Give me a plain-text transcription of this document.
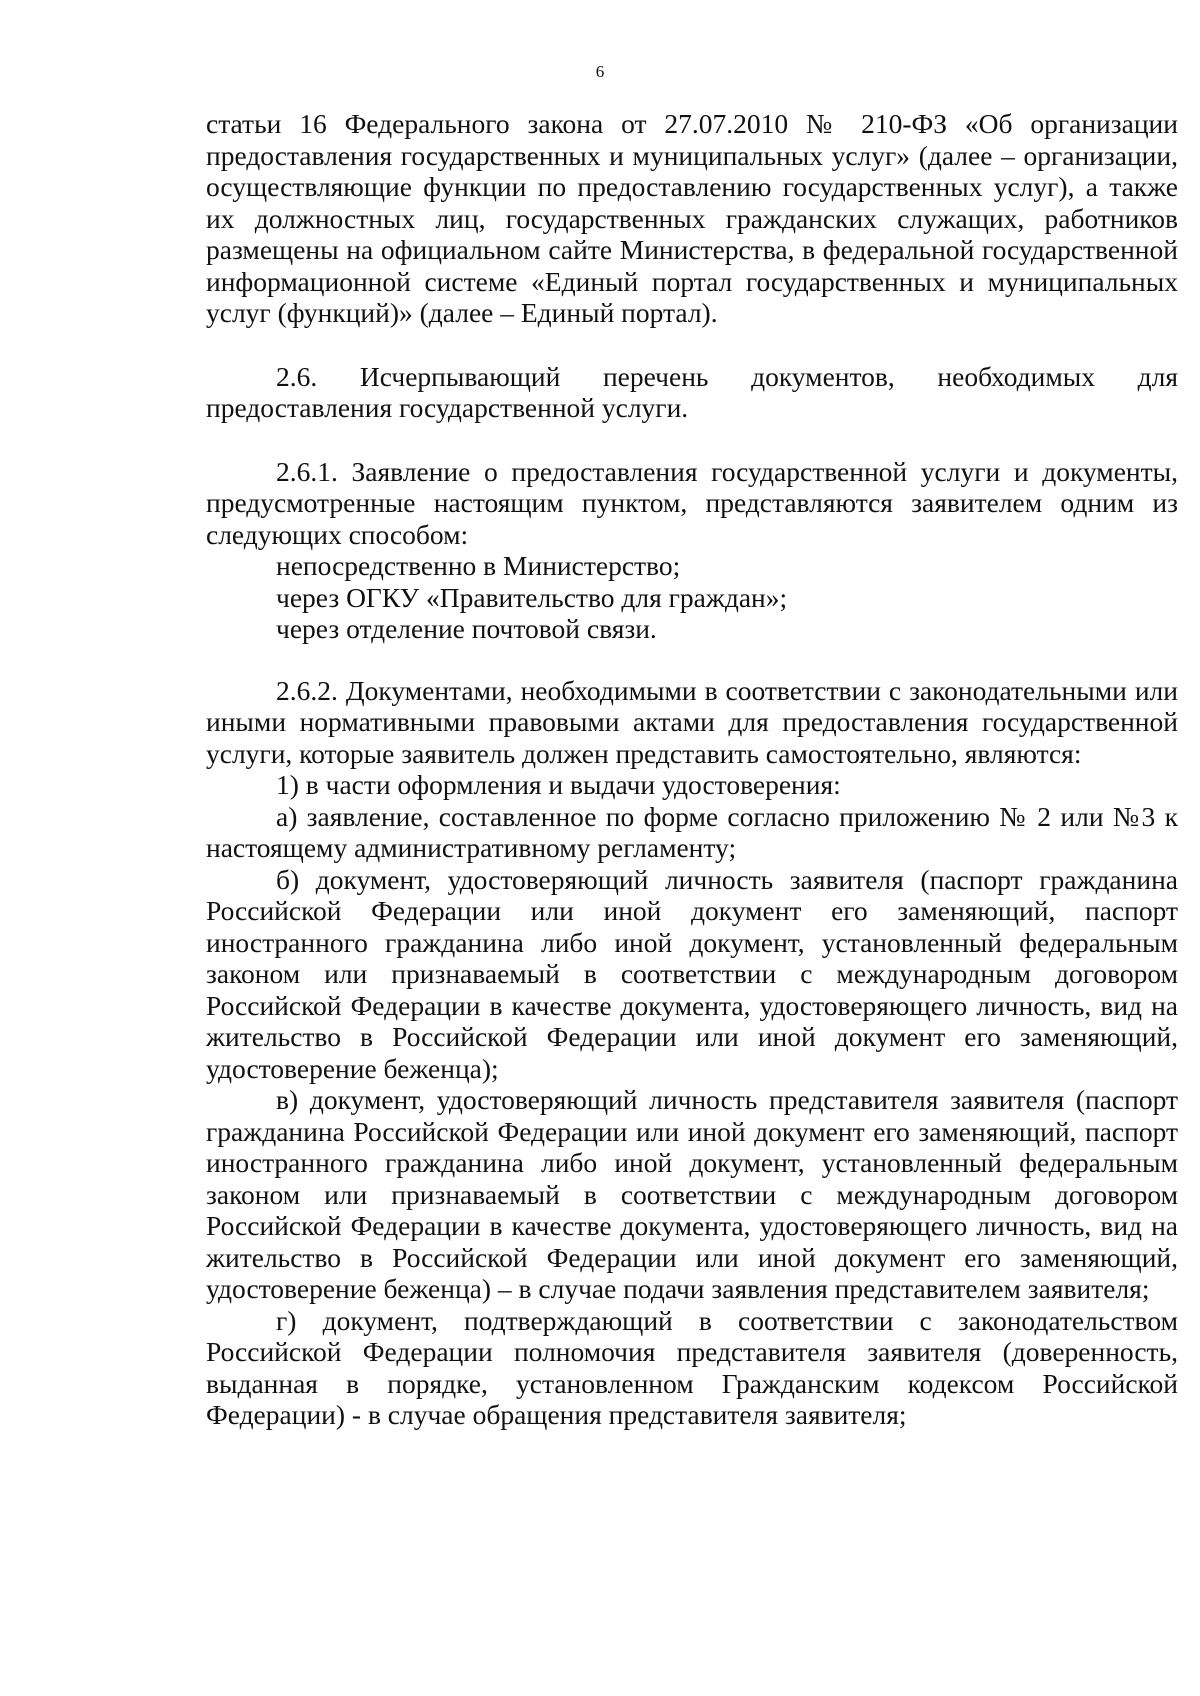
6

статьи 16 Федерального закона от 27.07.2010 № 210-ФЗ «Об организации предоставления государственных и муниципальных услуг» (далее – организации, осуществляющие функции по предоставлению государственных услуг), а также их должностных лиц, государственных гражданских служащих, работников размещены на официальном сайте Министерства, в федеральной государственной информационной системе «Единый портал государственных и муниципальных услуг (функций)» (далее – Единый портал).

2.6. Исчерпывающий перечень документов, необходимых для предоставления государственной услуги.

2.6.1. Заявление о предоставления государственной услуги и документы, предусмотренные настоящим пунктом, представляются заявителем одним из следующих способом:

непосредственно в Министерство;

через ОГКУ «Правительство для граждан»;

через отделение почтовой связи.

2.6.2. Документами, необходимыми в соответствии с законодательными или иными нормативными правовыми актами для предоставления государственной услуги, которые заявитель должен представить самостоятельно, являются:

1) в части оформления и выдачи удостоверения:

а) заявление, составленное по форме согласно приложению № 2 или №3 к настоящему административному регламенту;

б) документ, удостоверяющий личность заявителя (паспорт гражданина Российской Федерации или иной документ его заменяющий, паспорт иностранного гражданина либо иной документ, установленный федеральным законом или признаваемый в соответствии с международным договором Российской Федерации в качестве документа, удостоверяющего личность, вид на жительство в Российской Федерации или иной документ его заменяющий, удостоверение беженца);

в) документ, удостоверяющий личность представителя заявителя (паспорт гражданина Российской Федерации или иной документ его заменяющий, паспорт иностранного гражданина либо иной документ, установленный федеральным законом или признаваемый в соответствии с международным договором Российской Федерации в качестве документа, удостоверяющего личность, вид на жительство в Российской Федерации или иной документ его заменяющий, удостоверение беженца) – в случае подачи заявления представителем заявителя;

г) документ, подтверждающий в соответствии с законодательством Российской Федерации полномочия представителя заявителя (доверенность, выданная в порядке, установленном Гражданским кодексом Российской Федерации) - в случае обращения представителя заявителя;
